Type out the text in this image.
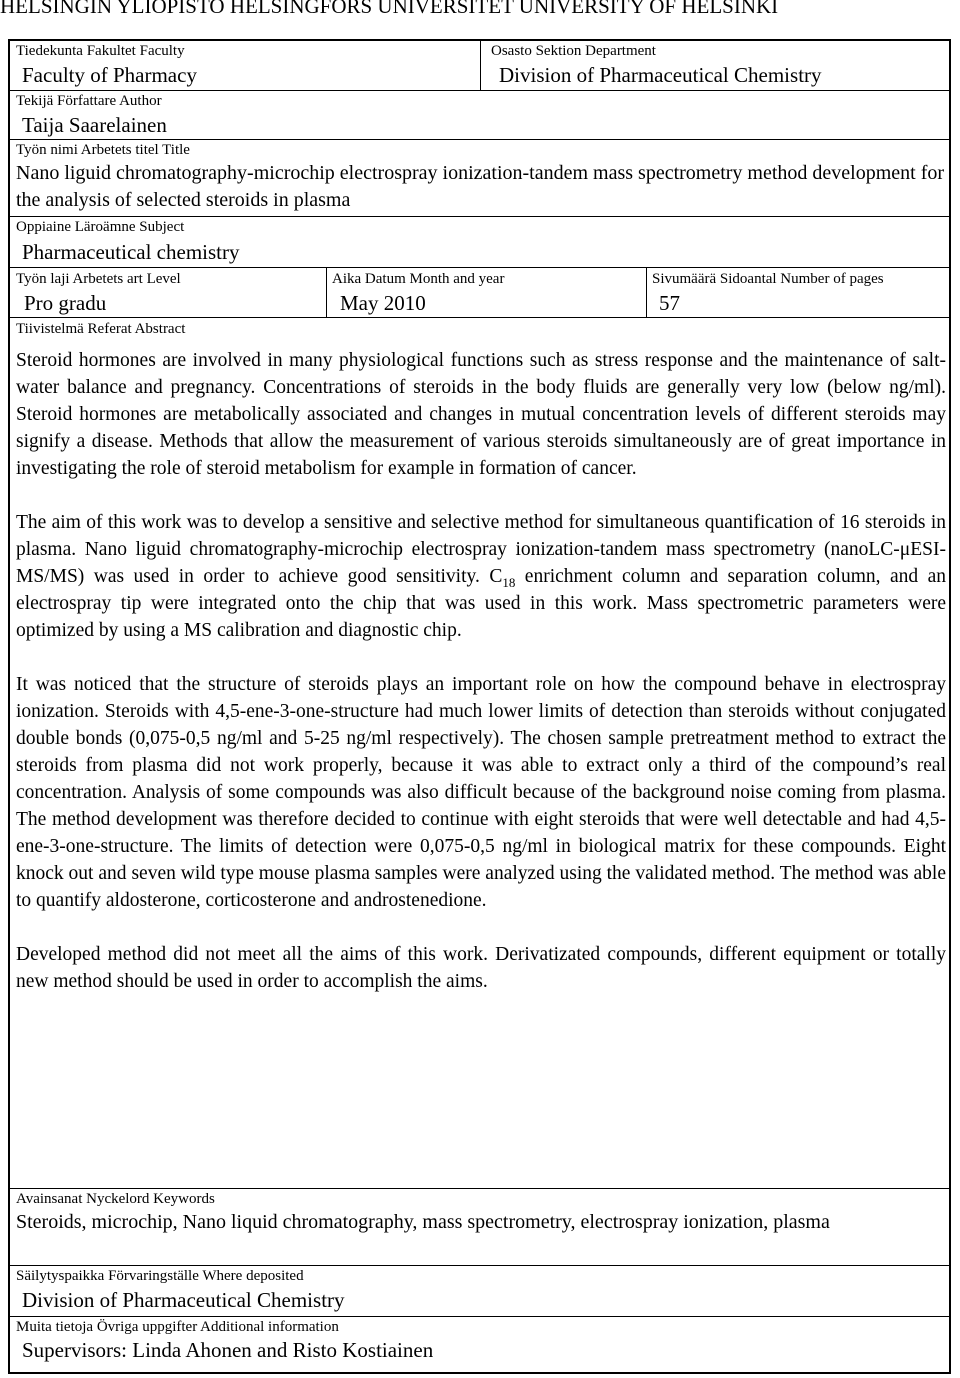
HELSINGIN YLIOPISTO HELSINGFORS UNIVERSITET UNIVERSITY OF HELSINKI
Tiedekunta Fakultet Faculty
Faculty of Pharmacy
Osasto Sektion Department
Division of Pharmaceutical Chemistry
Tekijä Författare Author
Taija Saarelainen
Työn nimi Arbetets titel Title
Nano liguid chromatography-microchip electrospray ionization-tandem mass spectrometry method development for the analysis of selected steroids in plasma
Oppiaine Läroämne Subject
Pharmaceutical chemistry
Työn laji Arbetets art Level
Pro gradu
Aika Datum Month and year
May 2010
Sivumäärä Sidoantal Number of pages
57
Tiivistelmä Referat Abstract

Steroid hormones are involved in many physiological functions such as stress response and the maintenance of salt-water balance and pregnancy. Concentrations of steroids in the body fluids are generally very low (below ng/ml). Steroid hormones are metabolically associated and changes in mutual concentration levels of different steroids may signify a disease. Methods that allow the measurement of various steroids simultaneously are of great importance in investigating the role of steroid metabolism for example in formation of cancer.

The aim of this work was to develop a sensitive and selective method for simultaneous quantification of 16 steroids in plasma. Nano liguid chromatography-microchip electrospray ionization-tandem mass spectrometry (nanoLC-μESI-MS/MS) was used in order to achieve good sensitivity. $C_{18}$ enrichment column and separation column, and an electrospray tip were integrated onto the chip that was used in this work. Mass spectrometric parameters were optimized by using a MS calibration and diagnostic chip.

It was noticed that the structure of steroids plays an important role on how the compound behave in electrospray ionization. Steroids with 4,5-ene-3-one-structure had much lower limits of detection than steroids without conjugated double bonds (0,075-0,5 ng/ml and 5-25 ng/ml respectively). The chosen sample pretreatment method to extract the steroids from plasma did not work properly, because it was able to extract only a third of the compound’s real concentration. Analysis of some compounds was also difficult because of the background noise coming from plasma. The method development was therefore decided to continue with eight steroids that were well detectable and had 4,5-ene-3-one-structure. The limits of detection were 0,075-0,5 ng/ml in biological matrix for these compounds. Eight knock out and seven wild type mouse plasma samples were analyzed using the validated method. The method was able to quantify aldosterone, corticosterone and androstenedione.

Developed method did not meet all the aims of this work. Derivatizated compounds, different equipment or totally new method should be used in order to accomplish the aims.

Avainsanat Nyckelord Keywords
Steroids, microchip, Nano liquid chromatography, mass spectrometry, electrospray ionization, plasma
Säilytyspaikka Förvaringställe Where deposited
Division of Pharmaceutical Chemistry
Muita tietoja Övriga uppgifter Additional information
Supervisors: Linda Ahonen and Risto Kostiainen
